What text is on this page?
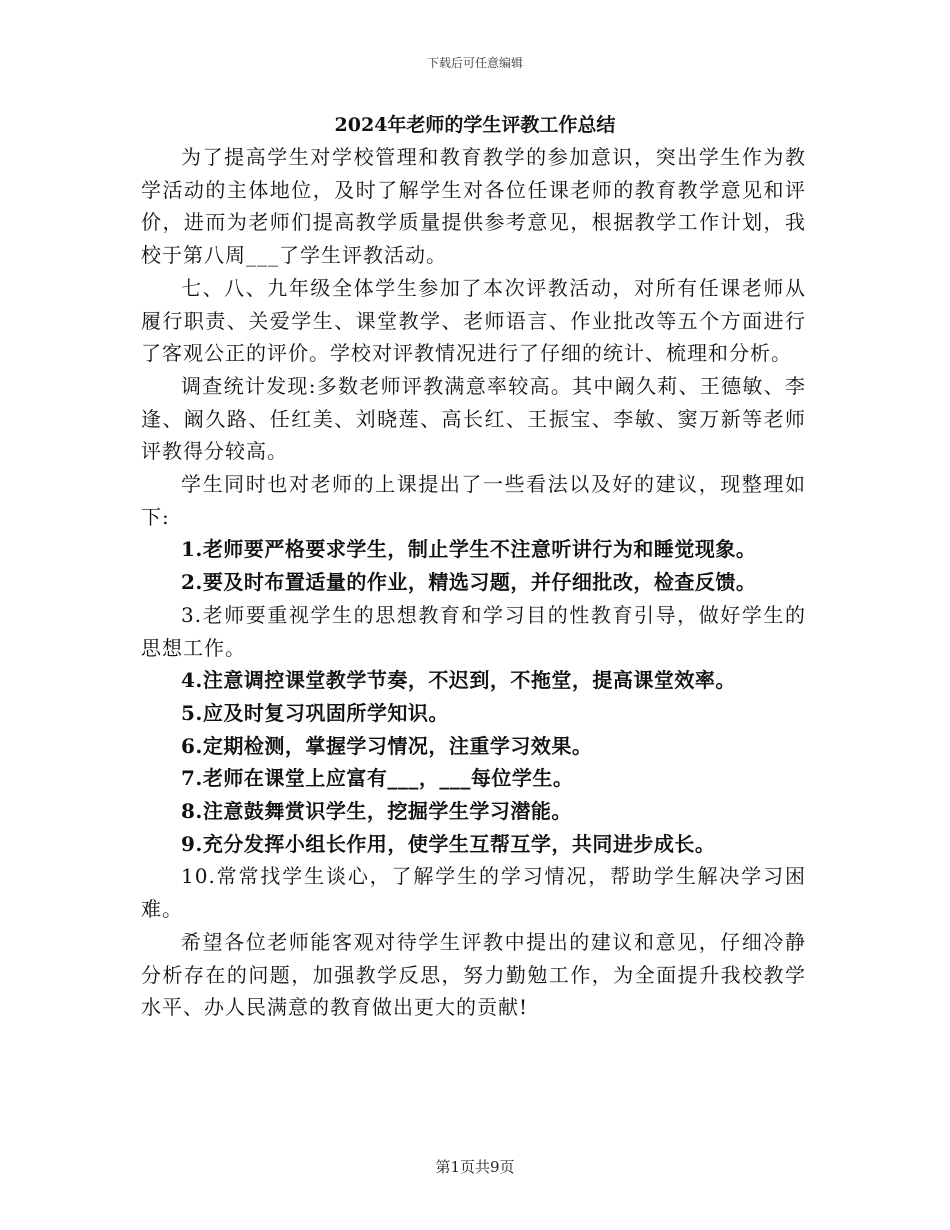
下载后可任意编辑
2024年老师的学生评教工作总结

为了提高学生对学校管理和教育教学的参加意识，突出学生作为教学活动的主体地位，及时了解学生对各位任课老师的教育教学意见和评价，进而为老师们提高教学质量提供参考意见，根据教学工作计划，我校于第八周___了学生评教活动。

七、八、九年级全体学生参加了本次评教活动，对所有任课老师从履行职责、关爱学生、课堂教学、老师语言、作业批改等五个方面进行了客观公正的评价。学校对评教情况进行了仔细的统计、梳理和分析。

调查统计发现:多数老师评教满意率较高。其中阚久莉、王德敏、李逢、阚久路、任红美、刘晓莲、高长红、王振宝、李敏、窦万新等老师评教得分较高。

学生同时也对老师的上课提出了一些看法以及好的建议，现整理如下:

1.老师要严格要求学生，制止学生不注意听讲行为和睡觉现象。

2.要及时布置适量的作业，精选习题，并仔细批改，检查反馈。

3.老师要重视学生的思想教育和学习目的性教育引导，做好学生的思想工作。

4.注意调控课堂教学节奏，不迟到，不拖堂，提高课堂效率。

5.应及时复习巩固所学知识。

6.定期检测，掌握学习情况，注重学习效果。

7.老师在课堂上应富有___，___每位学生。

8.注意鼓舞赏识学生，挖掘学生学习潜能。

9.充分发挥小组长作用，使学生互帮互学，共同进步成长。

10.常常找学生谈心，了解学生的学习情况，帮助学生解决学习困难。

希望各位老师能客观对待学生评教中提出的建议和意见，仔细冷静分析存在的问题，加强教学反思，努力勤勉工作，为全面提升我校教学水平、办人民满意的教育做出更大的贡献!

第1页共9页
